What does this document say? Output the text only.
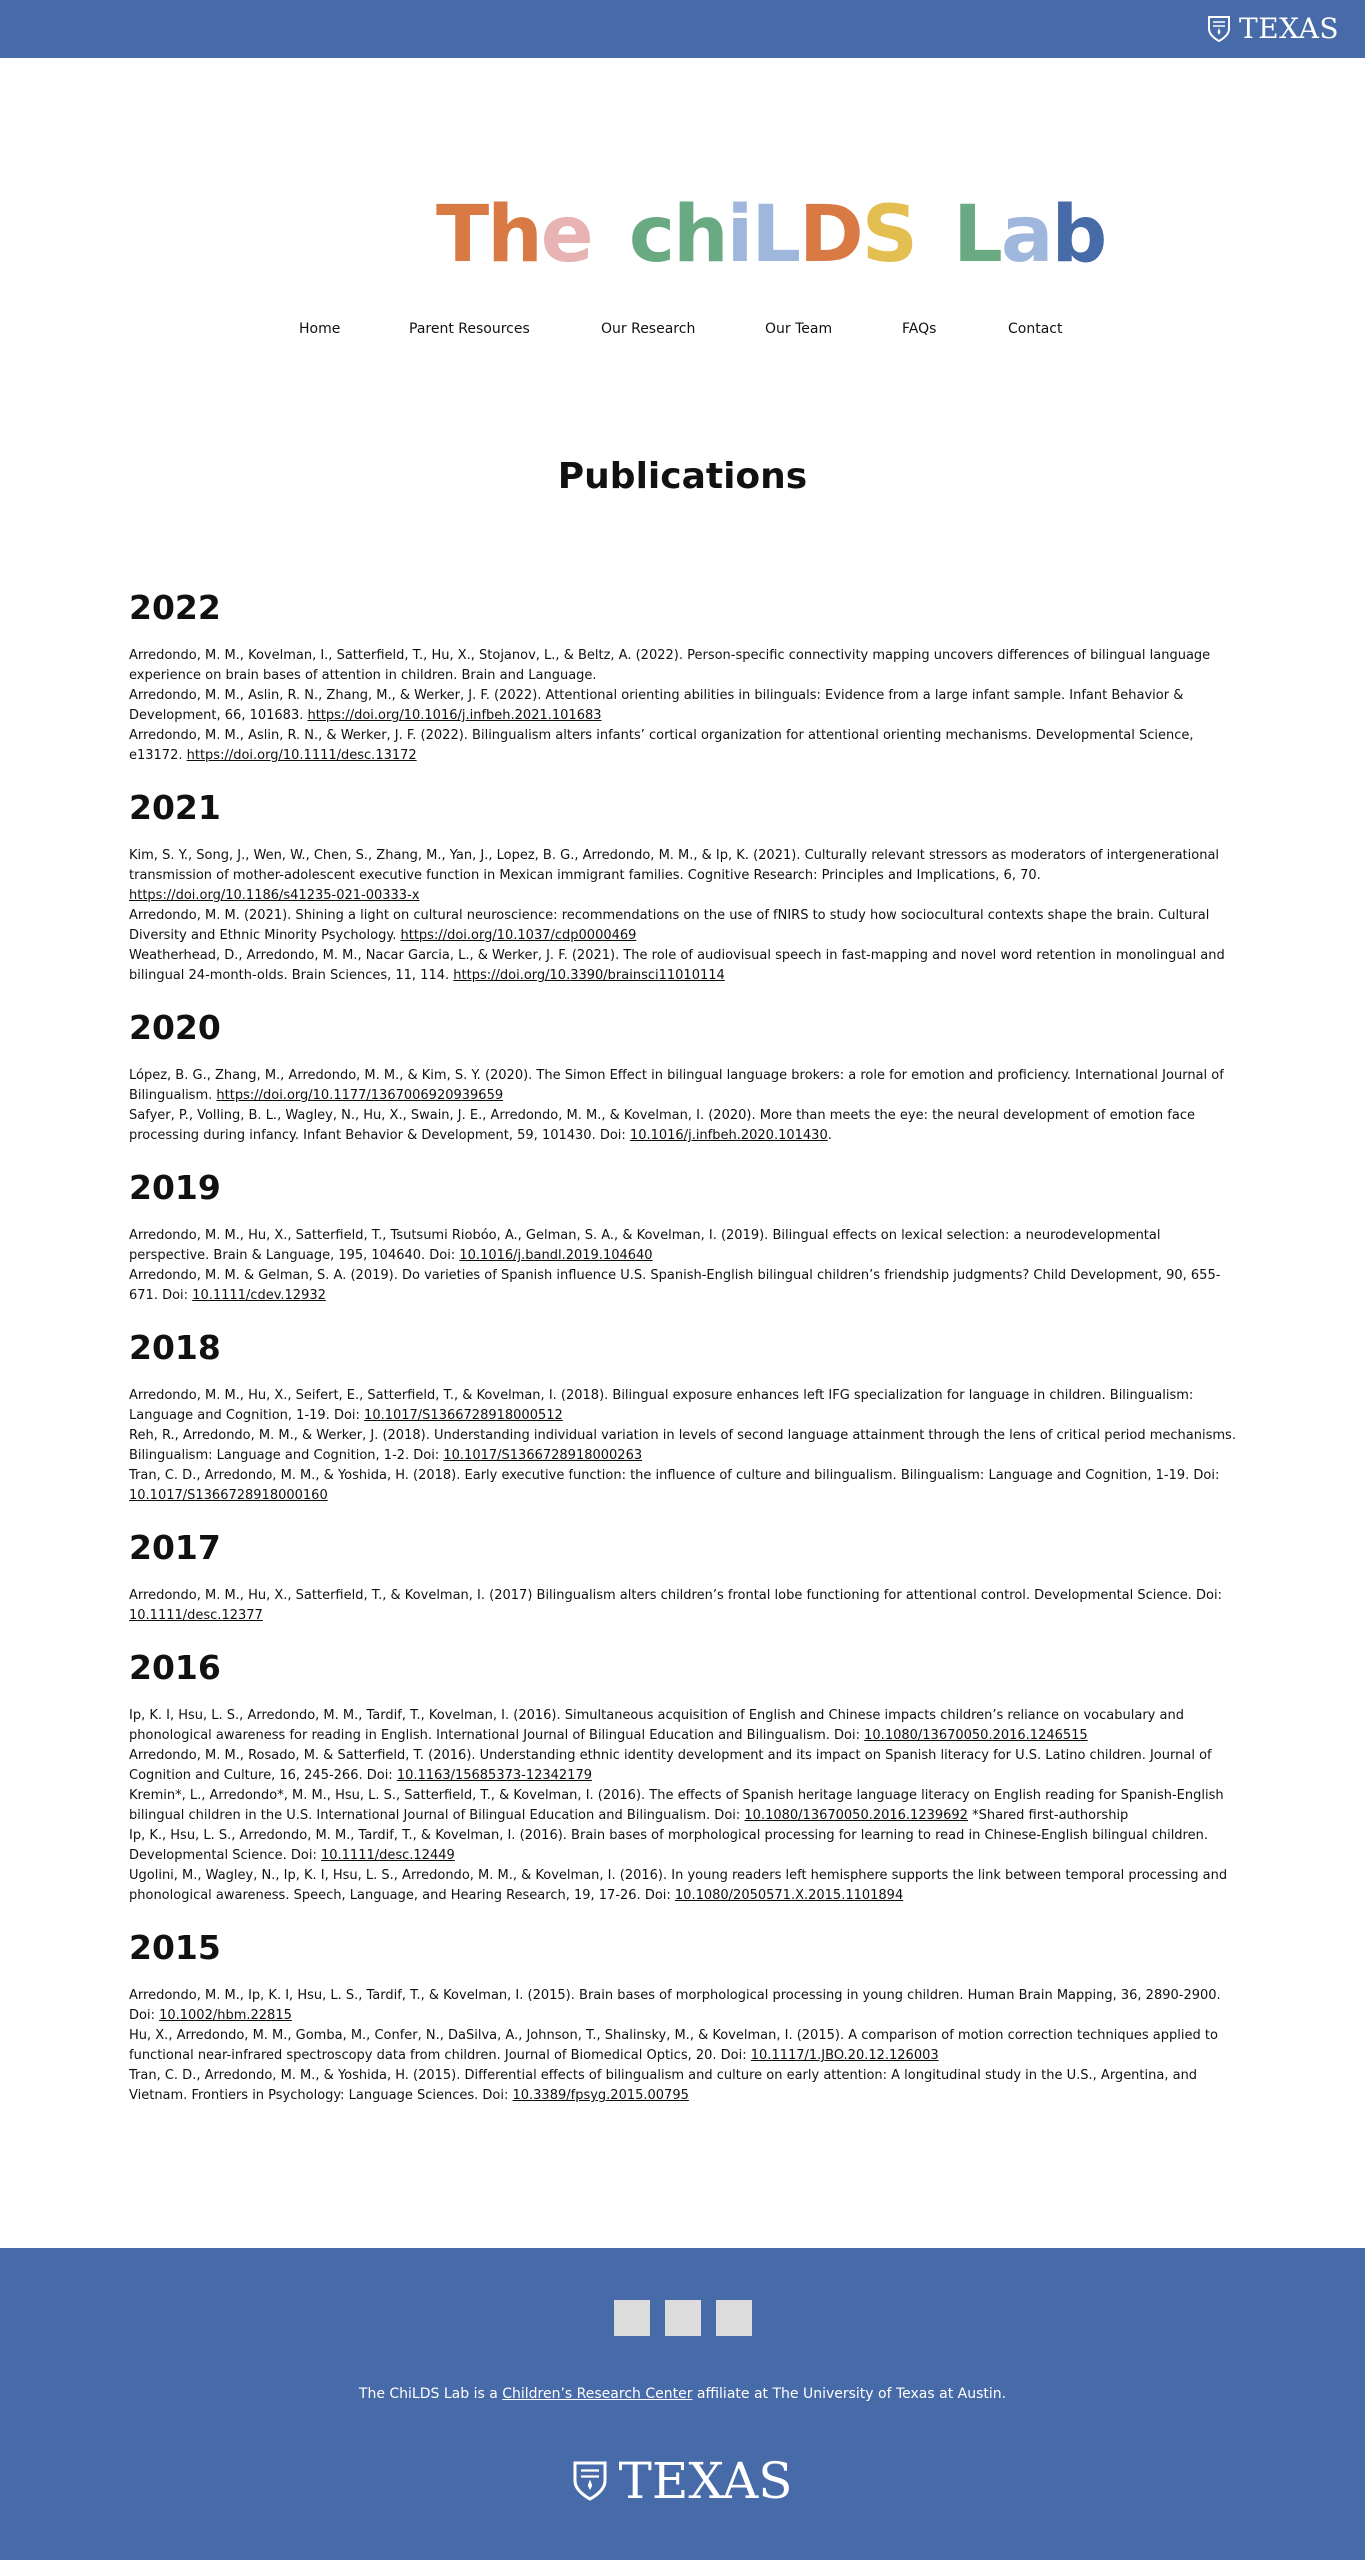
TEXAS
The chiLDS Lab
Home	Parent Resources	Our Research	Our Team	FAQs	Contact
Publications
2022

Arredondo, M. M., Kovelman, I., Satterfield, T., Hu, X., Stojanov, L., & Beltz, A. (2022). Person-specific connectivity mapping uncovers differences of bilingual language experience on brain bases of attention in children. Brain and Language.

Arredondo, M. M., Aslin, R. N., Zhang, M., & Werker, J. F. (2022). Attentional orienting abilities in bilinguals: Evidence from a large infant sample. Infant Behavior & Development, 66, 101683. https://doi.org/10.1016/j.infbeh.2021.101683

Arredondo, M. M., Aslin, R. N., & Werker, J. F. (2022). Bilingualism alters infants’ cortical organization for attentional orienting mechanisms. Developmental Science, e13172. https://doi.org/10.1111/desc.13172

2021

Kim, S. Y., Song, J., Wen, W., Chen, S., Zhang, M., Yan, J., Lopez, B. G., Arredondo, M. M., & Ip, K. (2021). Culturally relevant stressors as moderators of intergenerational transmission of mother-adolescent executive function in Mexican immigrant families. Cognitive Research: Principles and Implications, 6, 70. https://doi.org/10.1186/s41235-021-00333-x

Arredondo, M. M. (2021). Shining a light on cultural neuroscience: recommendations on the use of fNIRS to study how sociocultural contexts shape the brain. Cultural Diversity and Ethnic Minority Psychology. https://doi.org/10.1037/cdp0000469

Weatherhead, D., Arredondo, M. M., Nacar Garcia, L., & Werker, J. F. (2021). The role of audiovisual speech in fast-mapping and novel word retention in monolingual and bilingual 24-month-olds. Brain Sciences, 11, 114. https://doi.org/10.3390/brainsci11010114

2020

López, B. G., Zhang, M., Arredondo, M. M., & Kim, S. Y. (2020). The Simon Effect in bilingual language brokers: a role for emotion and proficiency. International Journal of Bilingualism. https://doi.org/10.1177/1367006920939659

Safyer, P., Volling, B. L., Wagley, N., Hu, X., Swain, J. E., Arredondo, M. M., & Kovelman, I. (2020). More than meets the eye: the neural development of emotion face processing during infancy. Infant Behavior & Development, 59, 101430. Doi: 10.1016/j.infbeh.2020.101430.

2019

Arredondo, M. M., Hu, X., Satterfield, T., Tsutsumi Riobóo, A., Gelman, S. A., & Kovelman, I. (2019). Bilingual effects on lexical selection: a neurodevelopmental perspective. Brain & Language, 195, 104640. Doi: 10.1016/j.bandl.2019.104640

Arredondo, M. M. & Gelman, S. A. (2019). Do varieties of Spanish influence U.S. Spanish-English bilingual children’s friendship judgments? Child Development, 90, 655-671. Doi: 10.1111/cdev.12932

2018

Arredondo, M. M., Hu, X., Seifert, E., Satterfield, T., & Kovelman, I. (2018). Bilingual exposure enhances left IFG specialization for language in children. Bilingualism: Language and Cognition, 1-19. Doi: 10.1017/S1366728918000512

Reh, R., Arredondo, M. M., & Werker, J. (2018). Understanding individual variation in levels of second language attainment through the lens of critical period mechanisms. Bilingualism: Language and Cognition, 1-2. Doi: 10.1017/S1366728918000263

Tran, C. D., Arredondo, M. M., & Yoshida, H. (2018). Early executive function: the influence of culture and bilingualism. Bilingualism: Language and Cognition, 1-19. Doi: 10.1017/S1366728918000160

2017

Arredondo, M. M., Hu, X., Satterfield, T., & Kovelman, I. (2017) Bilingualism alters children’s frontal lobe functioning for attentional control. Developmental Science. Doi: 10.1111/desc.12377

2016

Ip, K. I, Hsu, L. S., Arredondo, M. M., Tardif, T., Kovelman, I. (2016). Simultaneous acquisition of English and Chinese impacts children’s reliance on vocabulary and phonological awareness for reading in English. International Journal of Bilingual Education and Bilingualism. Doi: 10.1080/13670050.2016.1246515

Arredondo, M. M., Rosado, M. & Satterfield, T. (2016). Understanding ethnic identity development and its impact on Spanish literacy for U.S. Latino children. Journal of Cognition and Culture, 16, 245-266. Doi: 10.1163/15685373-12342179

Kremin*, L., Arredondo*, M. M., Hsu, L. S., Satterfield, T., & Kovelman, I. (2016). The effects of Spanish heritage language literacy on English reading for Spanish-English bilingual children in the U.S. International Journal of Bilingual Education and Bilingualism. Doi: 10.1080/13670050.2016.1239692 *Shared first-authorship

Ip, K., Hsu, L. S., Arredondo, M. M., Tardif, T., & Kovelman, I. (2016). Brain bases of morphological processing for learning to read in Chinese-English bilingual children. Developmental Science. Doi: 10.1111/desc.12449

Ugolini, M., Wagley, N., Ip, K. I, Hsu, L. S., Arredondo, M. M., & Kovelman, I. (2016). In young readers left hemisphere supports the link between temporal processing and phonological awareness. Speech, Language, and Hearing Research, 19, 17-26. Doi: 10.1080/2050571.X.2015.1101894

2015

Arredondo, M. M., Ip, K. I, Hsu, L. S., Tardif, T., & Kovelman, I. (2015). Brain bases of morphological processing in young children. Human Brain Mapping, 36, 2890-2900. Doi: 10.1002/hbm.22815

Hu, X., Arredondo, M. M., Gomba, M., Confer, N., DaSilva, A., Johnson, T., Shalinsky, M., & Kovelman, I. (2015). A comparison of motion correction techniques applied to functional near-infrared spectroscopy data from children. Journal of Biomedical Optics, 20. Doi: 10.1117/1.JBO.20.12.126003

Tran, C. D., Arredondo, M. M., & Yoshida, H. (2015). Differential effects of bilingualism and culture on early attention: A longitudinal study in the U.S., Argentina, and Vietnam. Frontiers in Psychology: Language Sciences. Doi: 10.3389/fpsyg.2015.00795

The ChiLDS Lab is a Children’s Research Center affiliate at The University of Texas at Austin.
TEXAS
